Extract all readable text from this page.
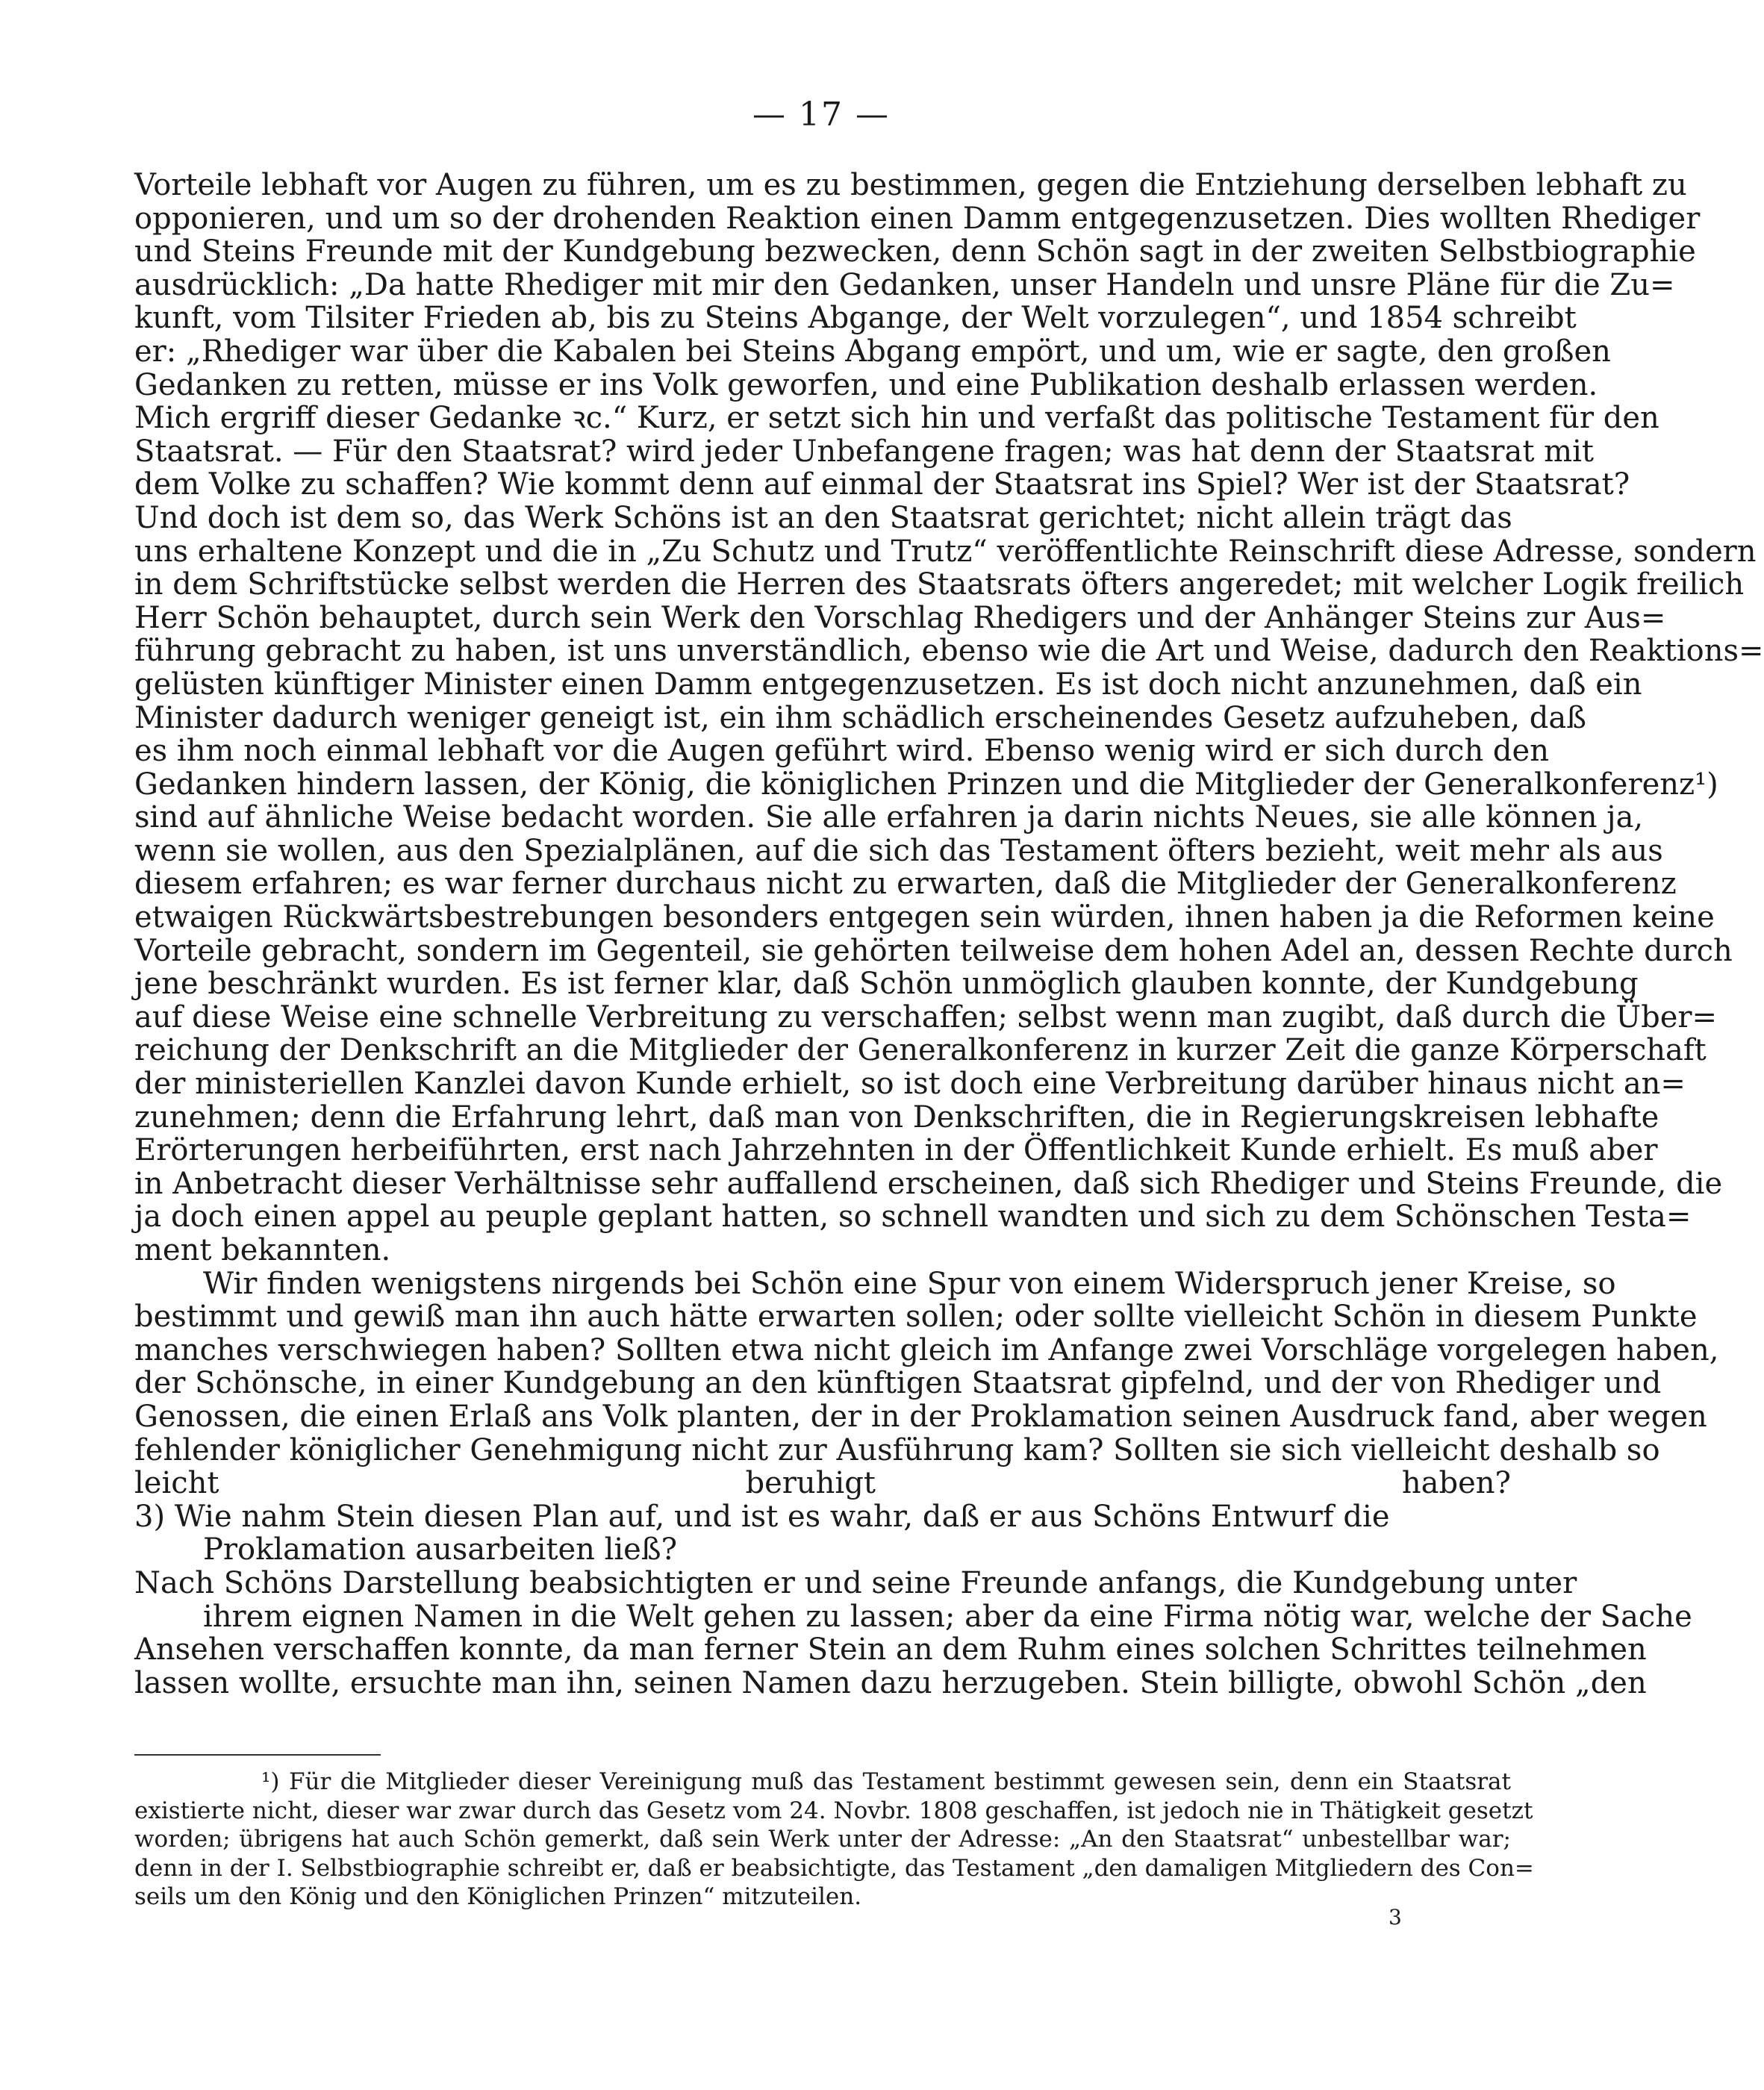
— 17 —
Vorteile lebhaft vor Augen zu führen, um es zu bestimmen, gegen die Entziehung derselben lebhaft zu
opponieren, und um so der drohenden Reaktion einen Damm entgegenzusetzen. Dies wollten Rhediger
und Steins Freunde mit der Kundgebung bezwecken, denn Schön sagt in der zweiten Selbstbiographie
ausdrücklich: „Da hatte Rhediger mit mir den Gedanken, unser Handeln und unsre Pläne für die Zu=
kunft, vom Tilsiter Frieden ab, bis zu Steins Abgange, der Welt vorzulegen“, und 1854 schreibt
er: „Rhediger war über die Kabalen bei Steins Abgang empört, und um, wie er sagte, den großen
Gedanken zu retten, müsse er ins Volk geworfen, und eine Publikation deshalb erlassen werden.
Mich ergriff dieser Gedanke ꝛc.“ Kurz, er setzt sich hin und verfaßt das politische Testament für den
Staatsrat. — Für den Staatsrat? wird jeder Unbefangene fragen; was hat denn der Staatsrat mit
dem Volke zu schaffen? Wie kommt denn auf einmal der Staatsrat ins Spiel? Wer ist der Staatsrat?
Und doch ist dem so, das Werk Schöns ist an den Staatsrat gerichtet; nicht allein trägt das
uns erhaltene Konzept und die in „Zu Schutz und Trutz“ veröffentlichte Reinschrift diese Adresse, sondern
in dem Schriftstücke selbst werden die Herren des Staatsrats öfters angeredet; mit welcher Logik freilich
Herr Schön behauptet, durch sein Werk den Vorschlag Rhedigers und der Anhänger Steins zur Aus=
führung gebracht zu haben, ist uns unverständlich, ebenso wie die Art und Weise, dadurch den Reaktions=
gelüsten künftiger Minister einen Damm entgegenzusetzen. Es ist doch nicht anzunehmen, daß ein
Minister dadurch weniger geneigt ist, ein ihm schädlich erscheinendes Gesetz aufzuheben, daß
es ihm noch einmal lebhaft vor die Augen geführt wird. Ebenso wenig wird er sich durch den
Gedanken hindern lassen, der König, die königlichen Prinzen und die Mitglieder der Generalkonferenz¹)
sind auf ähnliche Weise bedacht worden. Sie alle erfahren ja darin nichts Neues, sie alle können ja,
wenn sie wollen, aus den Spezialplänen, auf die sich das Testament öfters bezieht, weit mehr als aus
diesem erfahren; es war ferner durchaus nicht zu erwarten, daß die Mitglieder der Generalkonferenz
etwaigen Rückwärtsbestrebungen besonders entgegen sein würden, ihnen haben ja die Reformen keine
Vorteile gebracht, sondern im Gegenteil, sie gehörten teilweise dem hohen Adel an, dessen Rechte durch
jene beschränkt wurden. Es ist ferner klar, daß Schön unmöglich glauben konnte, der Kundgebung
auf diese Weise eine schnelle Verbreitung zu verschaffen; selbst wenn man zugibt, daß durch die Über=
reichung der Denkschrift an die Mitglieder der Generalkonferenz in kurzer Zeit die ganze Körperschaft
der ministeriellen Kanzlei davon Kunde erhielt, so ist doch eine Verbreitung darüber hinaus nicht an=
zunehmen; denn die Erfahrung lehrt, daß man von Denkschriften, die in Regierungskreisen lebhafte
Erörterungen herbeiführten, erst nach Jahrzehnten in der Öffentlichkeit Kunde erhielt. Es muß aber
in Anbetracht dieser Verhältnisse sehr auffallend erscheinen, daß sich Rhediger und Steins Freunde, die
ja doch einen appel au peuple geplant hatten, so schnell wandten und sich zu dem Schönschen Testa=
ment bekannten.
Wir finden wenigstens nirgends bei Schön eine Spur von einem Widerspruch jener Kreise, so
bestimmt und gewiß man ihn auch hätte erwarten sollen; oder sollte vielleicht Schön in diesem Punkte
manches verschwiegen haben? Sollten etwa nicht gleich im Anfange zwei Vorschläge vorgelegen haben,
der Schönsche, in einer Kundgebung an den künftigen Staatsrat gipfelnd, und der von Rhediger und
Genossen, die einen Erlaß ans Volk planten, der in der Proklamation seinen Ausdruck fand, aber wegen
fehlender königlicher Genehmigung nicht zur Ausführung kam? Sollten sie sich vielleicht deshalb so
leicht beruhigt haben?
3) Wie nahm Stein diesen Plan auf, und ist es wahr, daß er aus Schöns Entwurf die
Proklamation ausarbeiten ließ?
Nach Schöns Darstellung beabsichtigten er und seine Freunde anfangs, die Kundgebung unter
ihrem eignen Namen in die Welt gehen zu lassen; aber da eine Firma nötig war, welche der Sache
Ansehen verschaffen konnte, da man ferner Stein an dem Ruhm eines solchen Schrittes teilnehmen
lassen wollte, ersuchte man ihn, seinen Namen dazu herzugeben. Stein billigte, obwohl Schön „den
¹) Für die Mitglieder dieser Vereinigung muß das Testament bestimmt gewesen sein, denn ein Staatsrat
existierte nicht, dieser war zwar durch das Gesetz vom 24. Novbr. 1808 geschaffen, ist jedoch nie in Thätigkeit gesetzt
worden; übrigens hat auch Schön gemerkt, daß sein Werk unter der Adresse: „An den Staatsrat“ unbestellbar war;
denn in der I. Selbstbiographie schreibt er, daß er beabsichtigte, das Testament „den damaligen Mitgliedern des Con=
seils um den König und den Königlichen Prinzen“ mitzuteilen.
3
